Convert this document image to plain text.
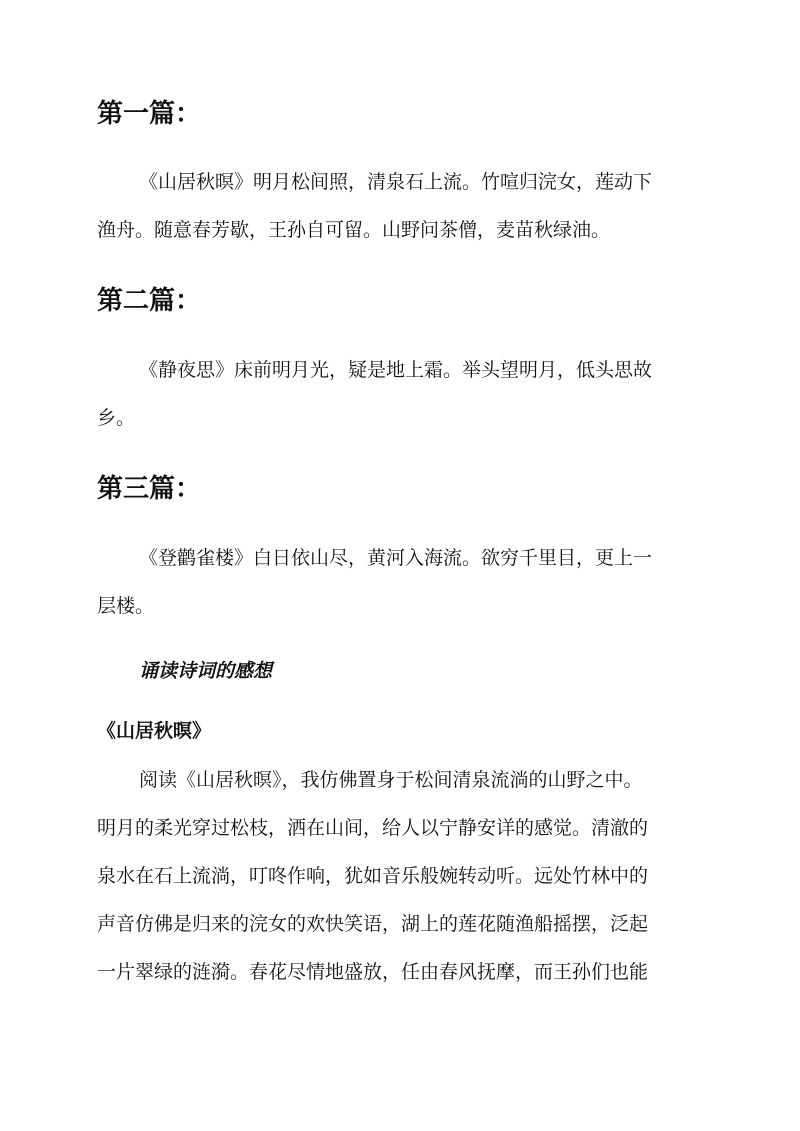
第一篇：

《山居秋暝》明月松间照，清泉石上流。竹喧归浣女，莲动下
渔舟。随意春芳歇，王孙自可留。山野问茶僧，麦苗秋绿油。

第二篇：

《静夜思》床前明月光，疑是地上霜。举头望明月，低头思故
乡。

第三篇：

《登鹳雀楼》白日依山尽，黄河入海流。欲穷千里目，更上一
层楼。

诵读诗词的感想
《山居秋暝》

阅读《山居秋暝》，我仿佛置身于松间清泉流淌的山野之中。
明月的柔光穿过松枝，洒在山间，给人以宁静安详的感觉。清澈的
泉水在石上流淌，叮咚作响，犹如音乐般婉转动听。远处竹林中的
声音仿佛是归来的浣女的欢快笑语，湖上的莲花随渔船摇摆，泛起
一片翠绿的涟漪。春花尽情地盛放，任由春风抚摩，而王孙们也能
